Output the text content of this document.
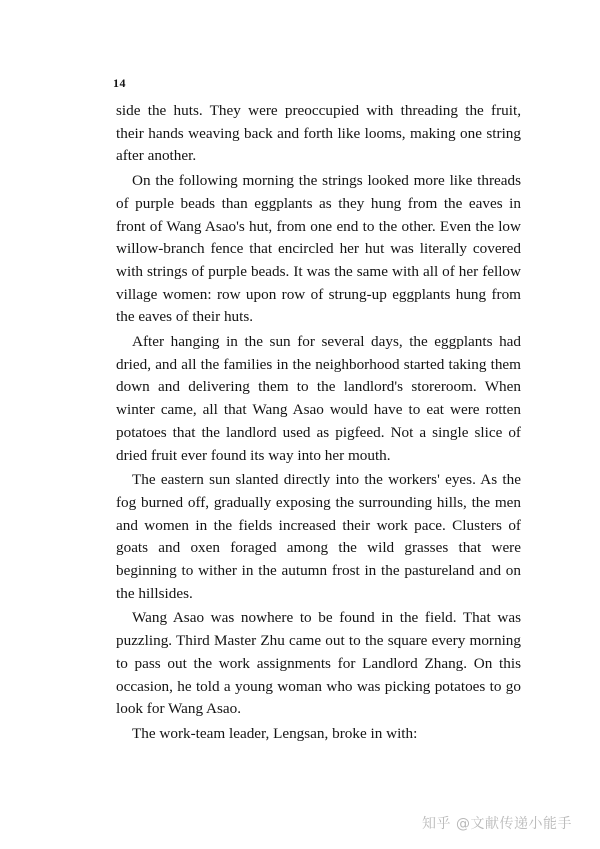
14

side the huts. They were preoccupied with threading the fruit, their hands weaving back and forth like looms, making one string after another.

On the following morning the strings looked more like threads of purple beads than eggplants as they hung from the eaves in front of Wang Asao's hut, from one end to the other. Even the low willow-branch fence that encircled her hut was literally covered with strings of purple beads. It was the same with all of her fellow village women: row upon row of strung-up eggplants hung from the eaves of their huts.

After hanging in the sun for several days, the eggplants had dried, and all the families in the neighborhood started taking them down and delivering them to the landlord's storeroom. When winter came, all that Wang Asao would have to eat were rotten potatoes that the landlord used as pigfeed. Not a single slice of dried fruit ever found its way into her mouth.

The eastern sun slanted directly into the workers' eyes. As the fog burned off, gradually exposing the surrounding hills, the men and women in the fields increased their work pace. Clusters of goats and oxen foraged among the wild grasses that were beginning to wither in the autumn frost in the pastureland and on the hillsides.

Wang Asao was nowhere to be found in the field. That was puzzling. Third Master Zhu came out to the square every morning to pass out the work assignments for Landlord Zhang. On this occasion, he told a young woman who was picking potatoes to go look for Wang Asao.

The work-team leader, Lengsan, broke in with:

知乎 @文献传递小能手
